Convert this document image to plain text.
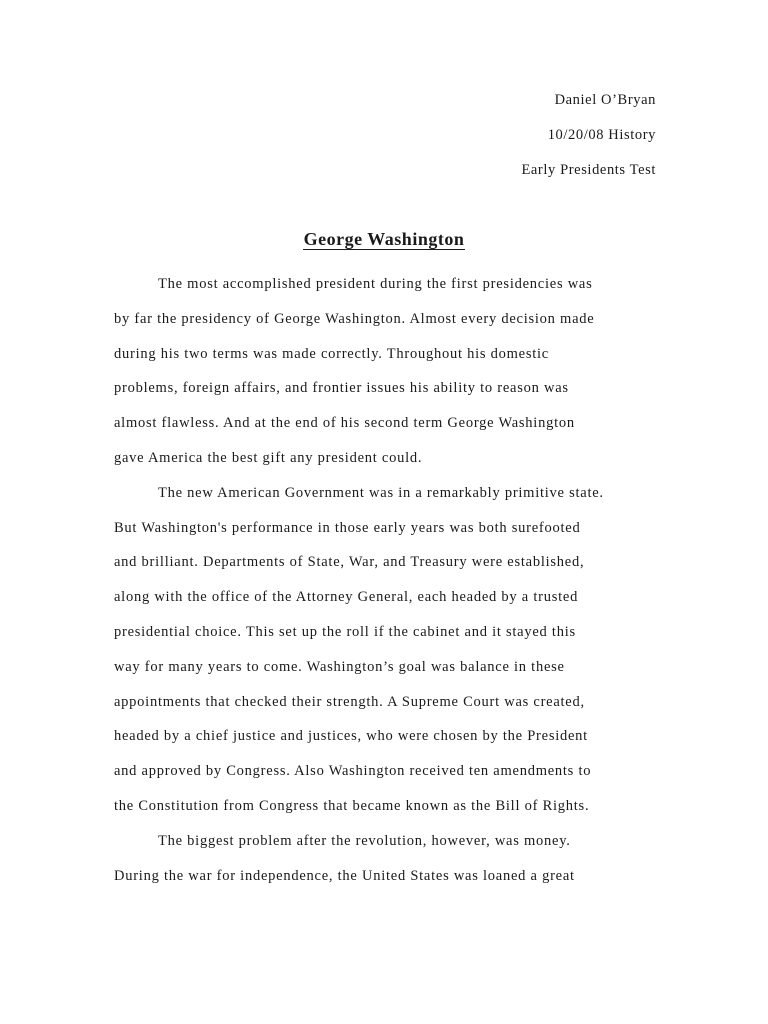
Daniel O’Bryan
10/20/08 History
Early Presidents Test
George Washington
The most accomplished president during the first presidencies was
by far the presidency of George Washington. Almost every decision made
during his two terms was made correctly. Throughout his domestic
problems, foreign affairs, and frontier issues his ability to reason was
almost flawless. And at the end of his second term George Washington
gave America the best gift any president could.
The new American Government was in a remarkably primitive state.
But Washington's performance in those early years was both surefooted
and brilliant. Departments of State, War, and Treasury were established,
along with the office of the Attorney General, each headed by a trusted
presidential choice. This set up the roll if the cabinet and it stayed this
way for many years to come. Washington’s goal was balance in these
appointments that checked their strength. A Supreme Court was created,
headed by a chief justice and justices, who were chosen by the President
and approved by Congress. Also Washington received ten amendments to
the Constitution from Congress that became known as the Bill of Rights.
The biggest problem after the revolution, however, was money.
During the war for independence, the United States was loaned a great
